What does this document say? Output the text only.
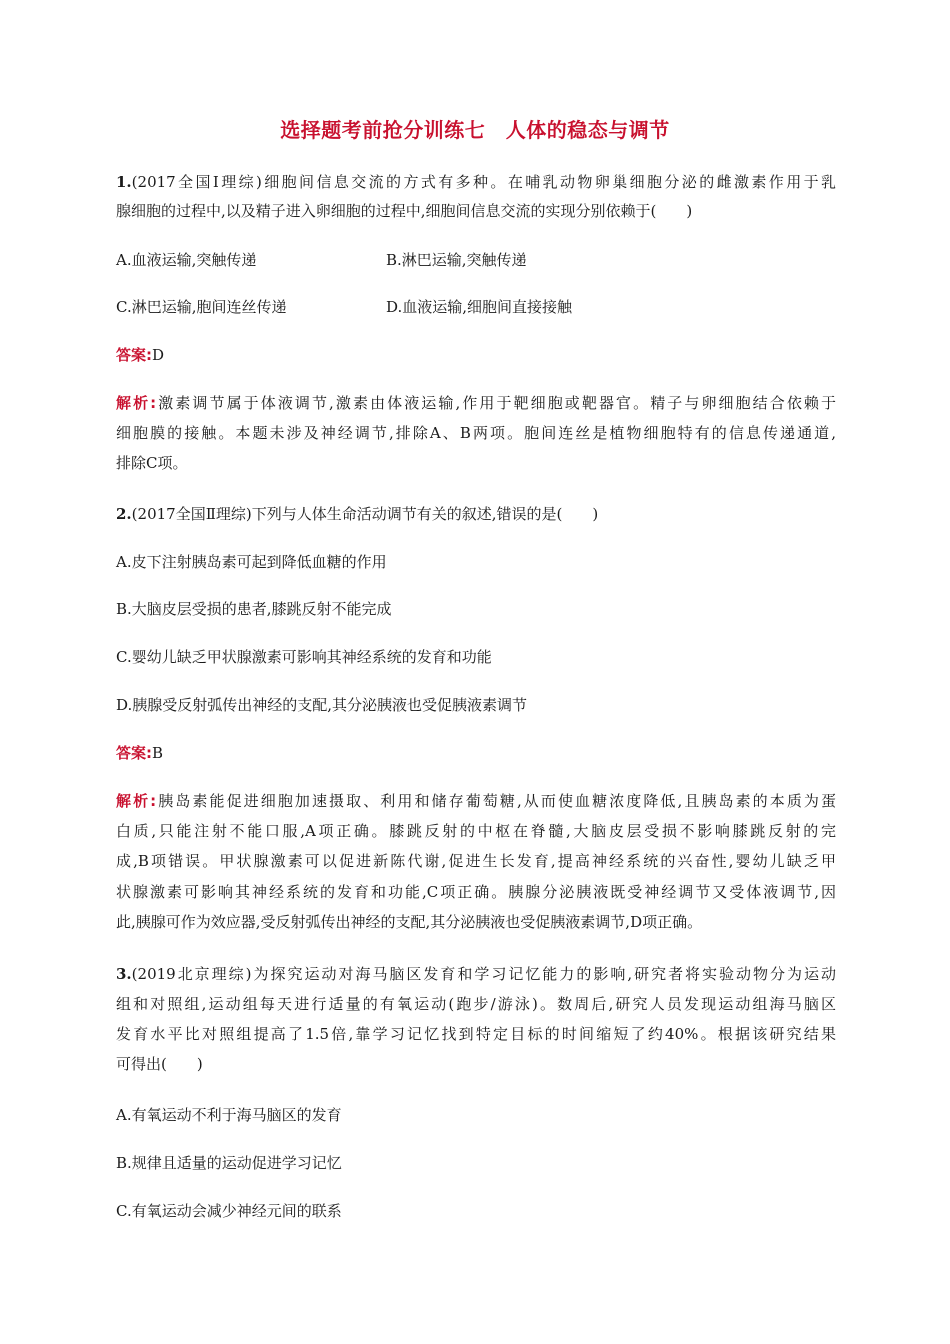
选择题考前抢分训练七　人体的稳态与调节
1.(2017全国Ⅰ理综)细胞间信息交流的方式有多种。在哺乳动物卵巢细胞分泌的雌激素作用于乳
腺细胞的过程中,以及精子进入卵细胞的过程中,细胞间信息交流的实现分别依赖于(　　)
A.血液运输,突触传递	B.淋巴运输,突触传递
C.淋巴运输,胞间连丝传递	D.血液运输,细胞间直接接触
答案:D
解析:激素调节属于体液调节,激素由体液运输,作用于靶细胞或靶器官。精子与卵细胞结合依赖于
细胞膜的接触。本题未涉及神经调节,排除A、B两项。胞间连丝是植物细胞特有的信息传递通道,
排除C项。
2.(2017全国Ⅱ理综)下列与人体生命活动调节有关的叙述,错误的是(　　)
A.皮下注射胰岛素可起到降低血糖的作用
B.大脑皮层受损的患者,膝跳反射不能完成
C.婴幼儿缺乏甲状腺激素可影响其神经系统的发育和功能
D.胰腺受反射弧传出神经的支配,其分泌胰液也受促胰液素调节
答案:B
解析:胰岛素能促进细胞加速摄取、利用和储存葡萄糖,从而使血糖浓度降低,且胰岛素的本质为蛋
白质,只能注射不能口服,A项正确。膝跳反射的中枢在脊髓,大脑皮层受损不影响膝跳反射的完
成,B项错误。甲状腺激素可以促进新陈代谢,促进生长发育,提高神经系统的兴奋性,婴幼儿缺乏甲
状腺激素可影响其神经系统的发育和功能,C项正确。胰腺分泌胰液既受神经调节又受体液调节,因
此,胰腺可作为效应器,受反射弧传出神经的支配,其分泌胰液也受促胰液素调节,D项正确。
3.(2019北京理综)为探究运动对海马脑区发育和学习记忆能力的影响,研究者将实验动物分为运动
组和对照组,运动组每天进行适量的有氧运动(跑步/游泳)。数周后,研究人员发现运动组海马脑区
发育水平比对照组提高了1.5倍,靠学习记忆找到特定目标的时间缩短了约40%。根据该研究结果
可得出(　　)
A.有氧运动不利于海马脑区的发育
B.规律且适量的运动促进学习记忆
C.有氧运动会减少神经元间的联系
